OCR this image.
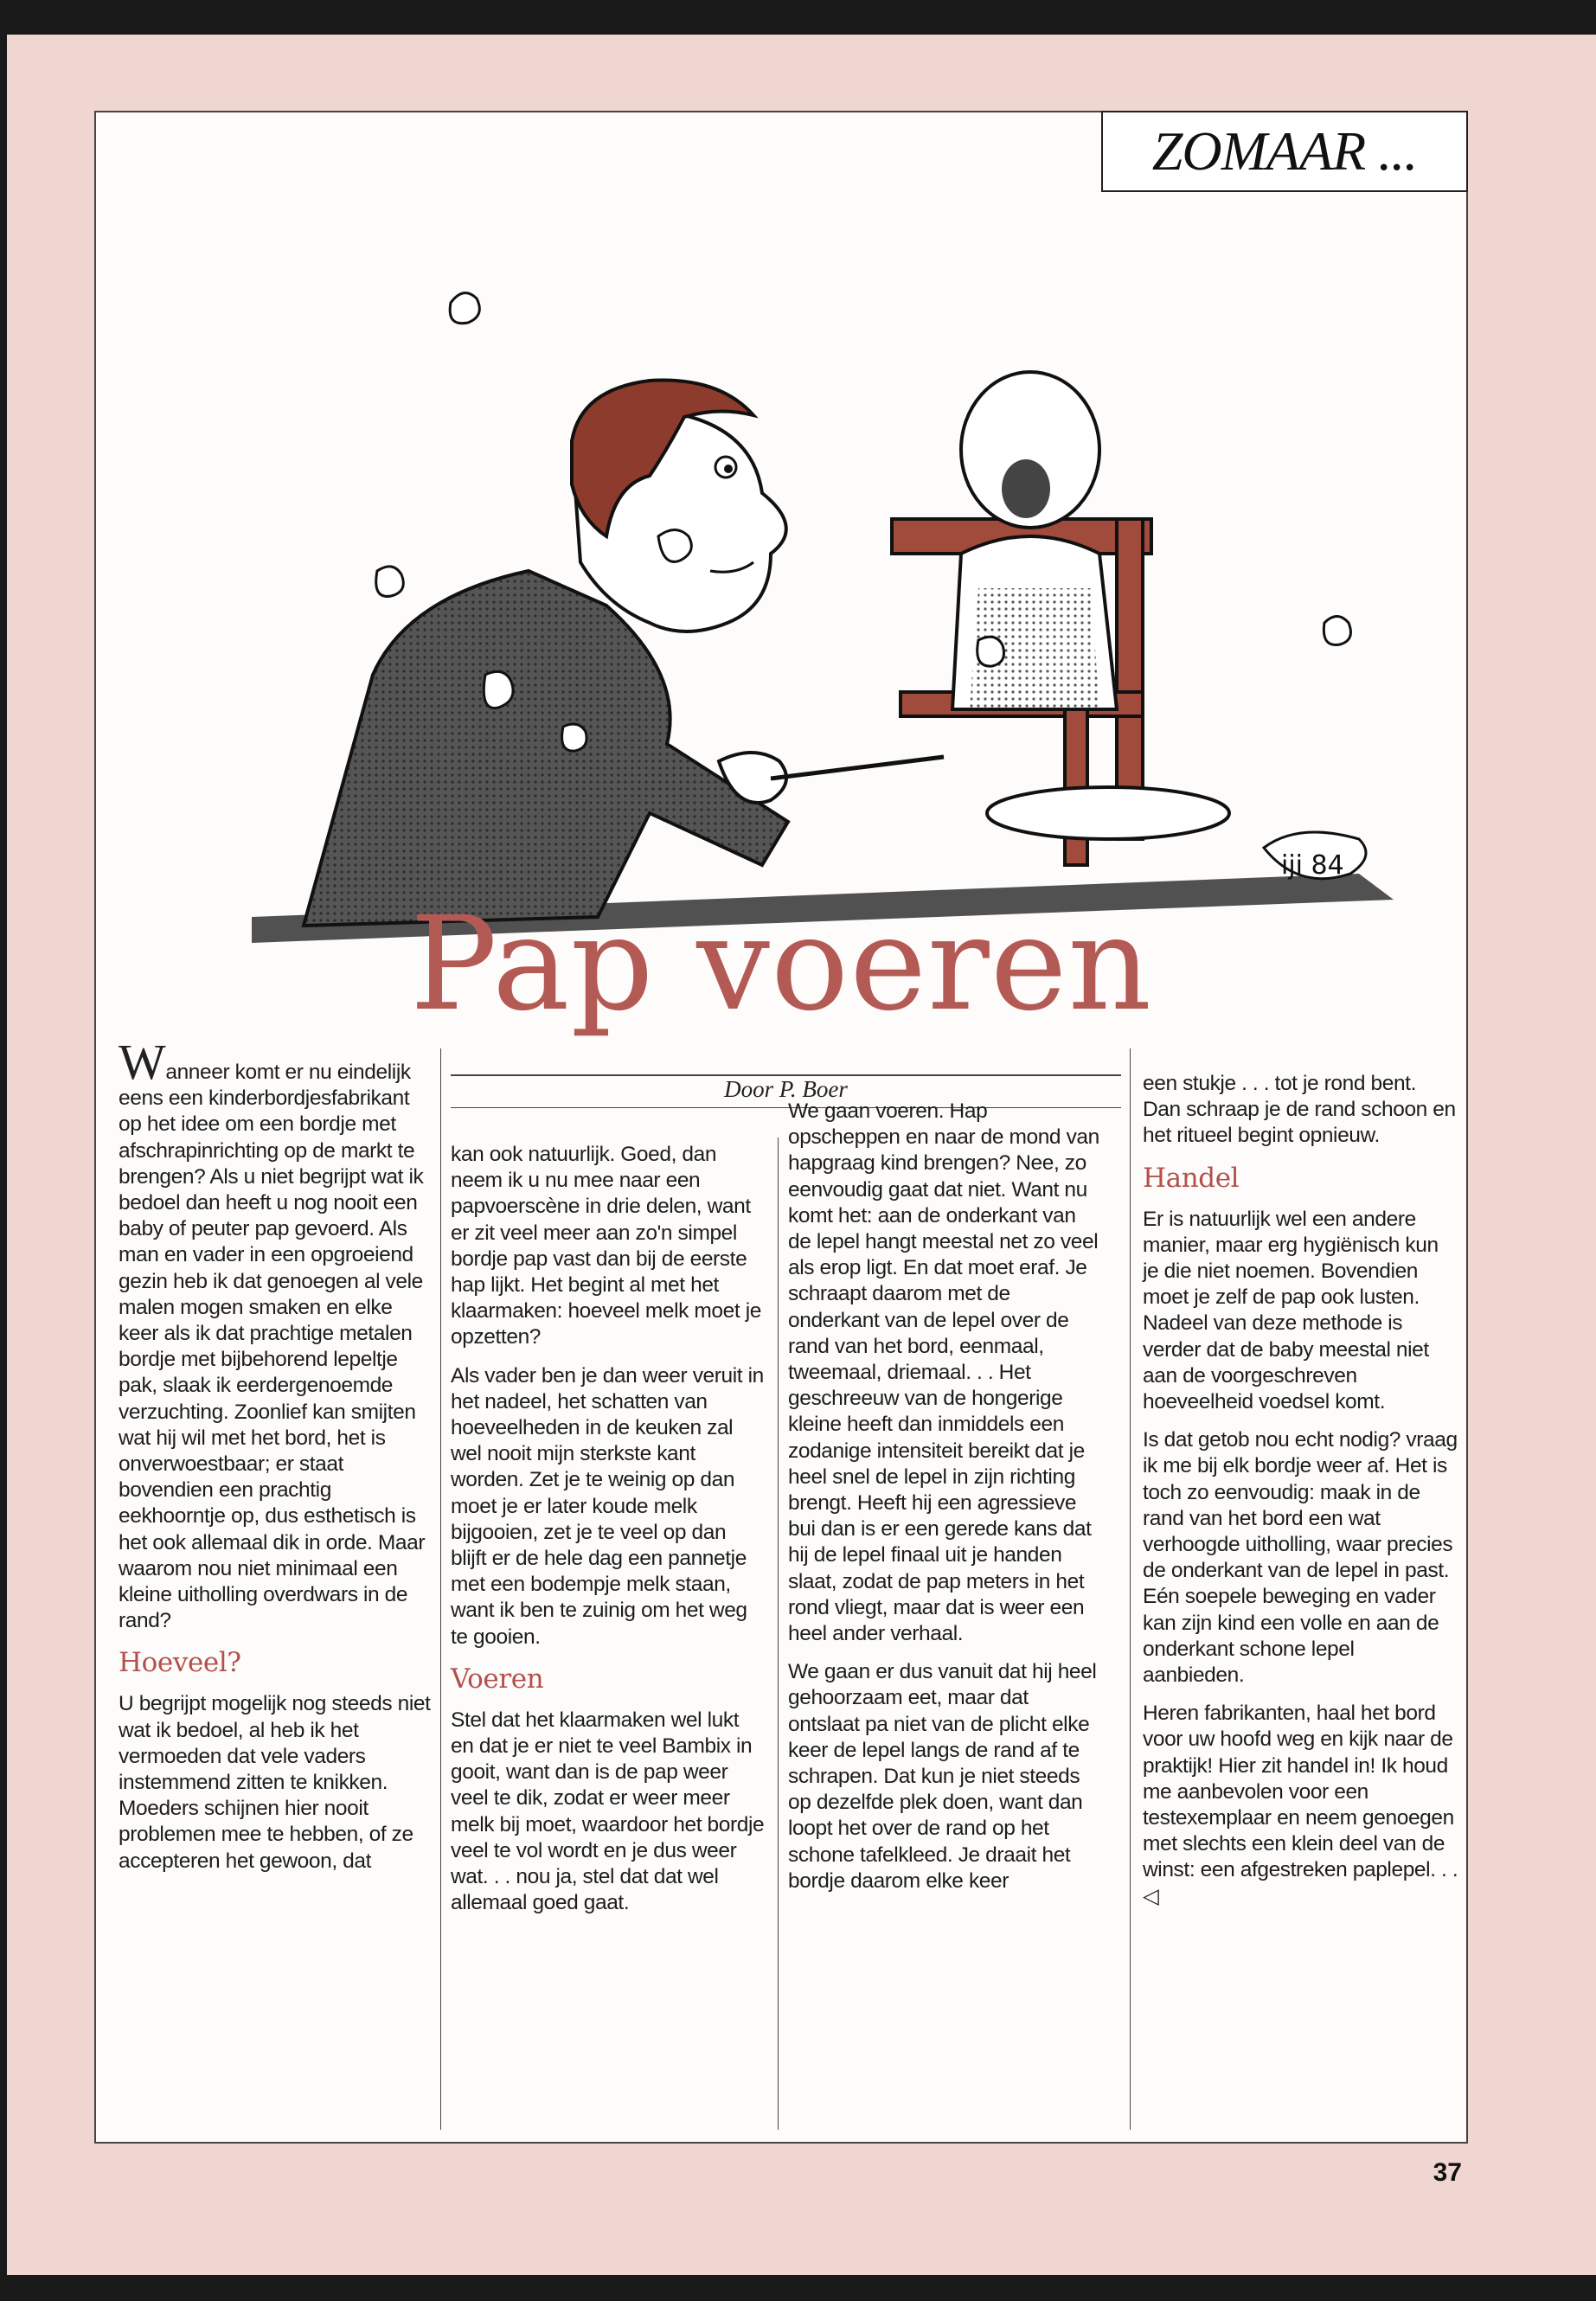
ZOMAAR ...
iji 84
Pap voeren
Door P. Boer

Wanneer komt er nu eindelijk eens een kinderbordjesfabrikant op het idee om een bordje met afschrapinrichting op de markt te brengen? Als u niet begrijpt wat ik bedoel dan heeft u nog nooit een baby of peuter pap gevoerd. Als man en vader in een opgroeiend gezin heb ik dat genoegen al vele malen mogen smaken en elke keer als ik dat prachtige metalen bordje met bijbehorend lepeltje pak, slaak ik eerdergenoemde verzuchting. Zoonlief kan smijten wat hij wil met het bord, het is onverwoestbaar; er staat bovendien een prachtig eekhoorntje op, dus esthetisch is het ook allemaal dik in orde. Maar waarom nou niet minimaal een kleine uitholling overdwars in de rand?

Hoeveel?

U begrijpt mogelijk nog steeds niet wat ik bedoel, al heb ik het vermoeden dat vele vaders instemmend zitten te knikken. Moeders schijnen hier nooit problemen mee te hebben, of ze accepteren het gewoon, dat

kan ook natuurlijk. Goed, dan neem ik u nu mee naar een papvoerscène in drie delen, want er zit veel meer aan zo'n simpel bordje pap vast dan bij de eerste hap lijkt. Het begint al met het klaarmaken: hoeveel melk moet je opzetten?

Als vader ben je dan weer veruit in het nadeel, het schatten van hoeveelheden in de keuken zal wel nooit mijn sterkste kant worden. Zet je te weinig op dan moet je er later koude melk bijgooien, zet je te veel op dan blijft er de hele dag een pannetje met een bodempje melk staan, want ik ben te zuinig om het weg te gooien.

Voeren

Stel dat het klaarmaken wel lukt en dat je er niet te veel Bambix in gooit, want dan is de pap weer veel te dik, zodat er weer meer melk bij moet, waardoor het bordje veel te vol wordt en je dus weer wat. . . nou ja, stel dat dat wel allemaal goed gaat.

We gaan voeren. Hap opscheppen en naar de mond van hapgraag kind brengen? Nee, zo eenvoudig gaat dat niet. Want nu komt het: aan de onderkant van de lepel hangt meestal net zo veel als erop ligt. En dat moet eraf. Je schraapt daarom met de onderkant van de lepel over de rand van het bord, eenmaal, tweemaal, driemaal. . . Het geschreeuw van de hongerige kleine heeft dan inmiddels een zodanige intensiteit bereikt dat je heel snel de lepel in zijn richting brengt. Heeft hij een agressieve bui dan is er een gerede kans dat hij de lepel finaal uit je handen slaat, zodat de pap meters in het rond vliegt, maar dat is weer een heel ander verhaal.

We gaan er dus vanuit dat hij heel gehoorzaam eet, maar dat ontslaat pa niet van de plicht elke keer de lepel langs de rand af te schrapen. Dat kun je niet steeds op dezelfde plek doen, want dan loopt het over de rand op het schone tafelkleed. Je draait het bordje daarom elke keer

een stukje . . . tot je rond bent. Dan schraap je de rand schoon en het ritueel begint opnieuw.

Handel

Er is natuurlijk wel een andere manier, maar erg hygiënisch kun je die niet noemen. Bovendien moet je zelf de pap ook lusten. Nadeel van deze methode is verder dat de baby meestal niet aan de voorgeschreven hoeveelheid voedsel komt.

Is dat getob nou echt nodig? vraag ik me bij elk bordje weer af. Het is toch zo eenvoudig: maak in de rand van het bord een wat verhoogde uitholling, waar precies de onderkant van de lepel in past. Eén soepele beweging en vader kan zijn kind een volle en aan de onderkant schone lepel aanbieden.

Heren fabrikanten, haal het bord voor uw hoofd weg en kijk naar de praktijk! Hier zit handel in! Ik houd me aanbevolen voor een testexemplaar en neem genoegen met slechts een klein deel van de winst: een afgestreken paplepel. . . ◁

37
